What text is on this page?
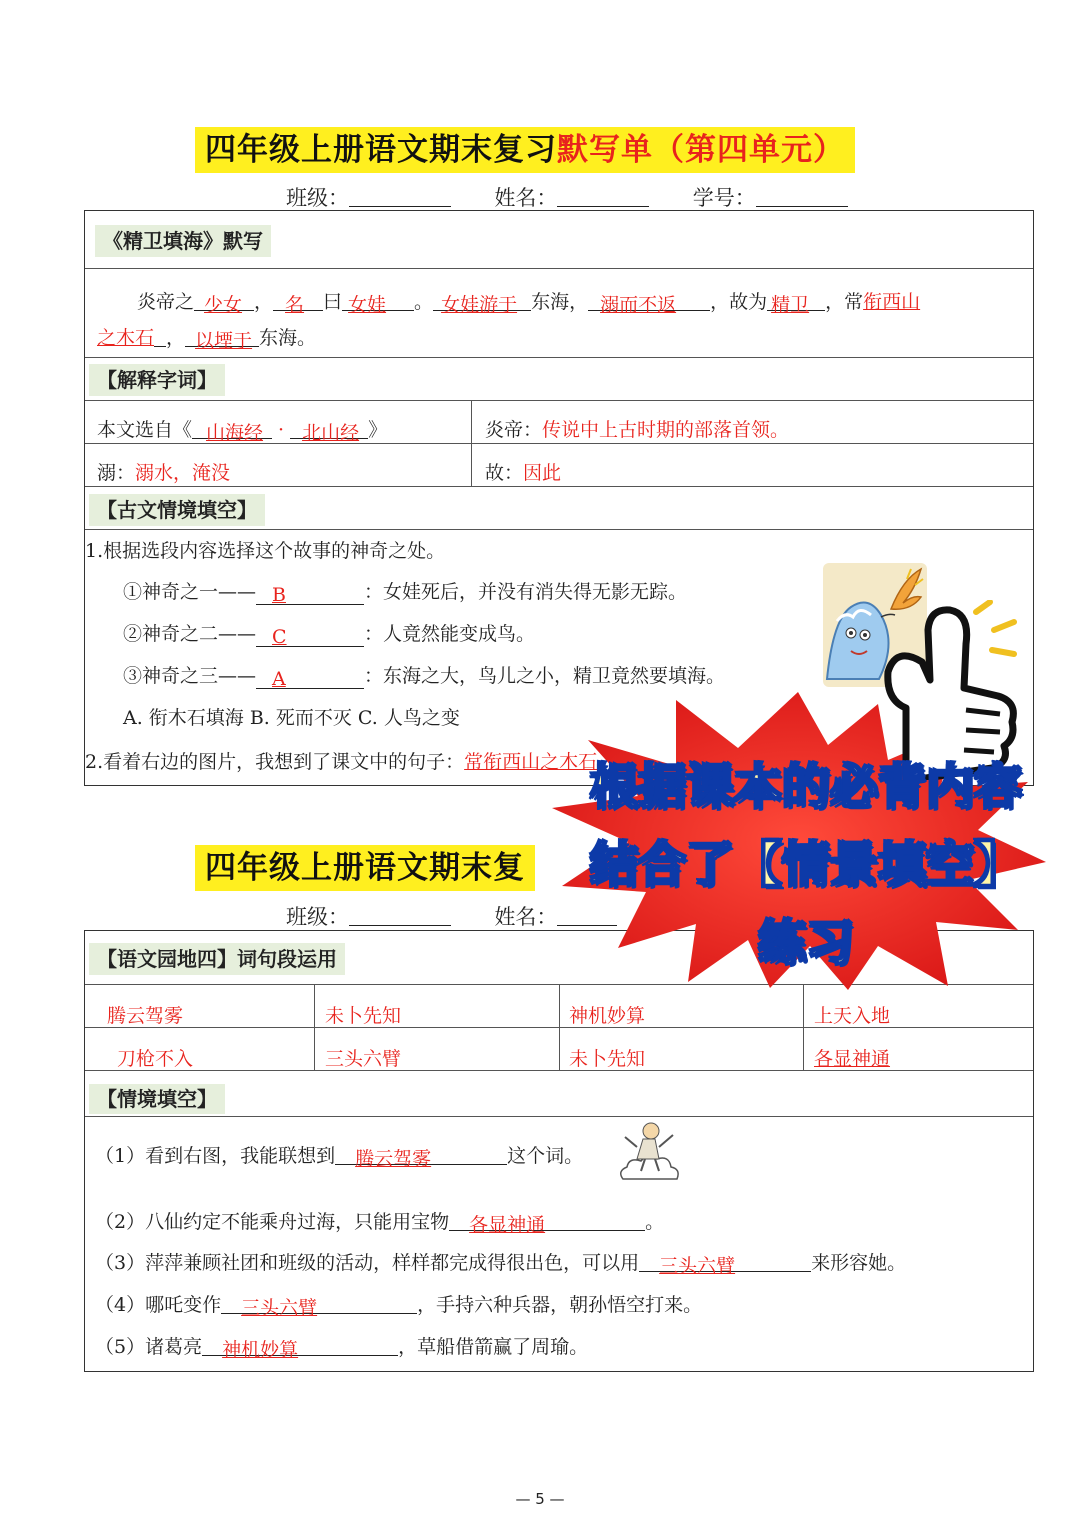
四年级上册语文期末复习默写单（第四单元）
班级：	姓名：	学号：
《精卫填海》默写
炎帝之 少女 ， 名 曰 女娃 。 女娃游于 东海， 溺而不返 ，故为 精卫 ，常衔西山
之木石 ， 以堙于 东海。
【解释字词】
本文选自《 山海经 · 北山经 》	炎帝：传说中上古时期的部落首领。
溺：溺水，淹没	故：因此
【古文情境填空】
1.根据选段内容选择这个故事的神奇之处。
①神奇之一—— B	：女娃死后，并没有消失得无影无踪。
②神奇之二—— C	：人竟然能变成鸟。
③神奇之三—— A	：东海之大，鸟儿之小，精卫竟然要填海。
A. 衔木石填海 B. 死而不灭 C. 人鸟之变
2.看着右边的图片，我想到了课文中的句子：常衔西山之木石
四年级上册语文期末复
班级：	姓名：
【语文园地四】词句段运用
腾云驾雾	未卜先知	神机妙算	上天入地
刀枪不入	三头六臂	未卜先知	各显神通
【情境填空】
（1）看到右图，我能联想到 腾云驾雾	这个词。
（2）八仙约定不能乘舟过海，只能用宝物 各显神通	。
（3）萍萍兼顾社团和班级的活动，样样都完成得很出色，可以用 三头六臂	来形容她。
（4）哪吒变作 三头六臂	，手持六种兵器，朝孙悟空打来。
（5）诸葛亮 神机妙算	，草船借箭赢了周瑜。
根据课本的必背内容
结合了【情景填空】
练习
— 5 —
